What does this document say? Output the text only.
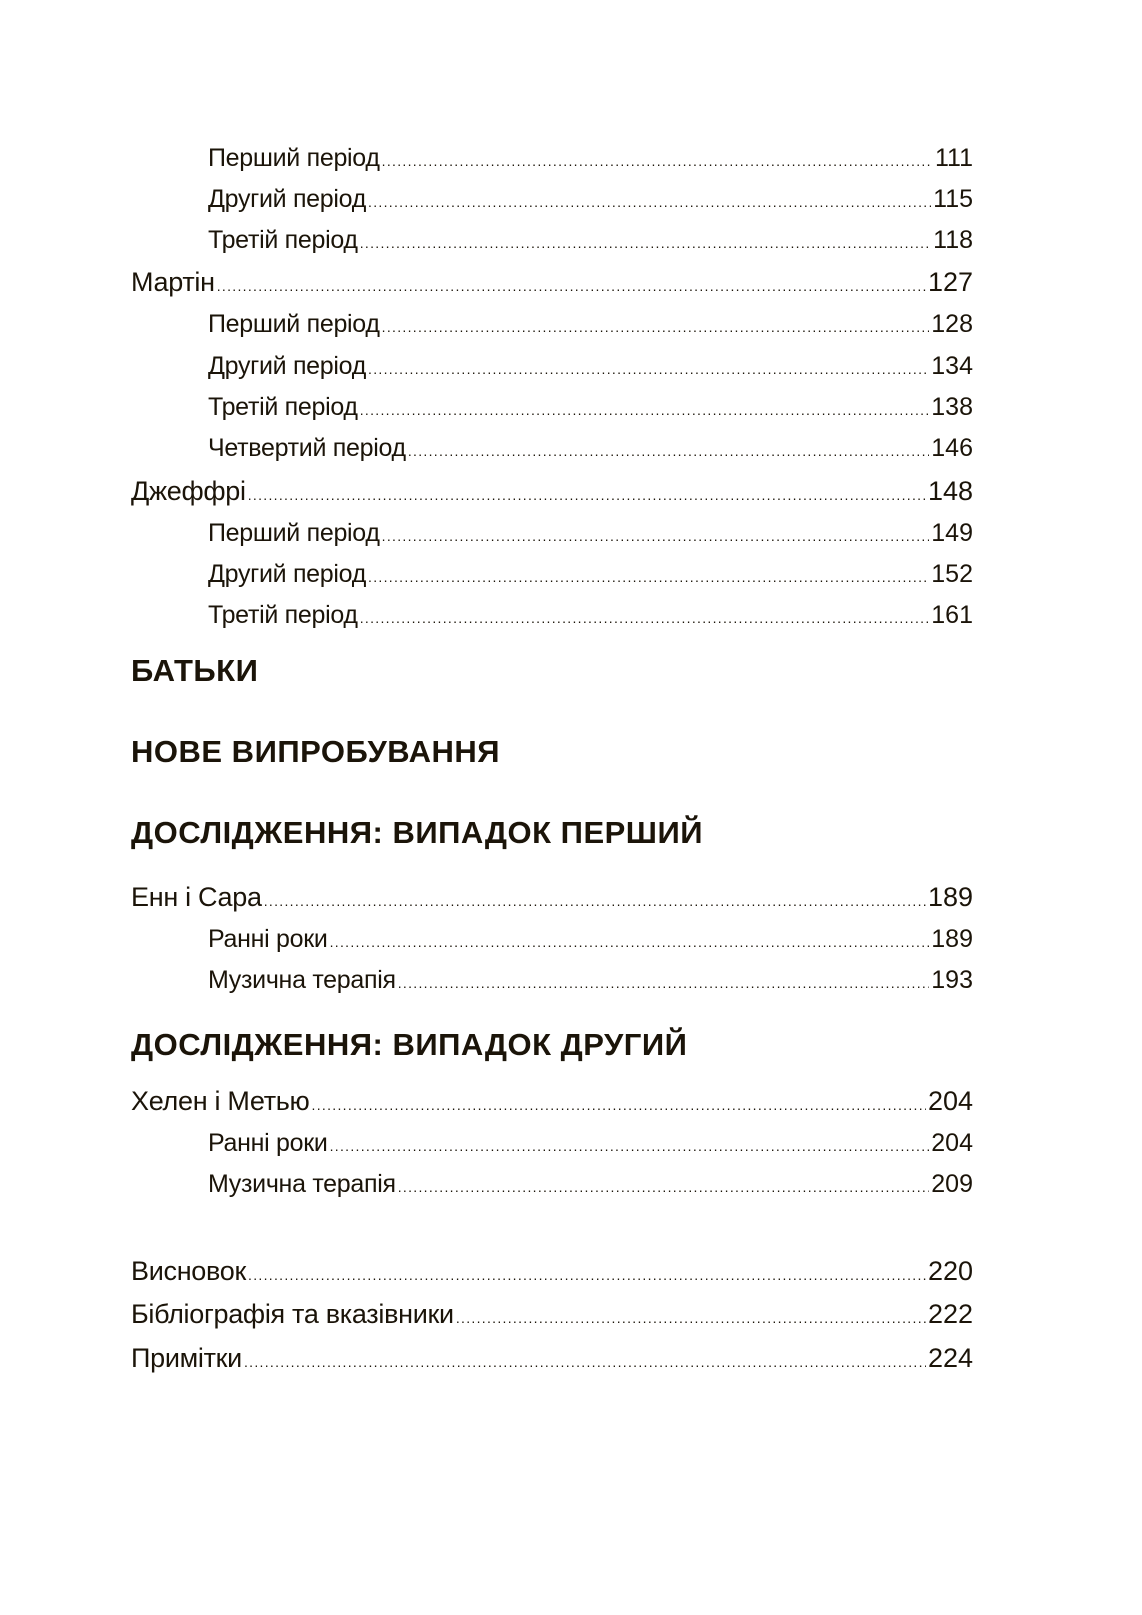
Перший період .....	111
Другий період .....	115
Третій період .....	118
Мартін .....	127
Перший період .....	128
Другий період .....	134
Третій період .....	138
Четвертий період .....	146
Джеффрі .....	148
Перший період .....	149
Другий період .....	152
Третій період .....	161
БАТЬКИ
НОВЕ ВИПРОБУВАННЯ
ДОСЛІДЖЕННЯ: ВИПАДОК ПЕРШИЙ
Енн і Сара .....	189
Ранні роки .....	189
Музична терапія .....	193
ДОСЛІДЖЕННЯ: ВИПАДОК ДРУГИЙ
Хелен і Метью .....	204
Ранні роки .....	204
Музична терапія .....	209
Висновок .....	220
Бібліографія та вказівники .....	222
Примітки .....	224
